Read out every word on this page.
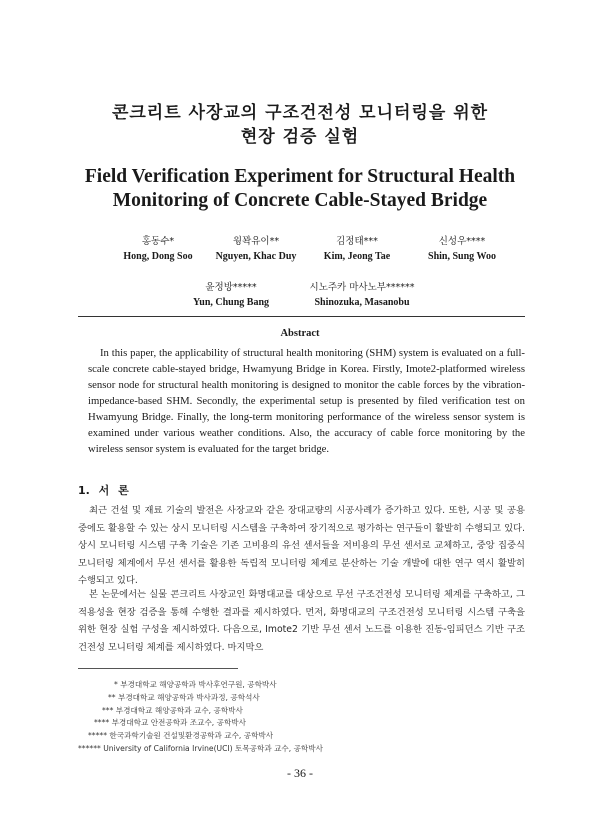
콘크리트 사장교의 구조건전성 모니터링을 위한
현장 검증 실험
Field Verification Experiment for Structural Health
Monitoring of Concrete Cable-Stayed Bridge
홍동수*
Hong, Dong Soo
윙꽉유이**
Nguyen, Khac Duy
김정태***
Kim, Jeong Tae
신성우****
Shin, Sung Woo
윤정방*****
Yun, Chung Bang
시노주카 마사노부******
Shinozuka, Masanobu
Abstract

In this paper, the applicability of structural health monitoring (SHM) system is evaluated on a full-scale concrete cable-stayed bridge, Hwamyung Bridge in Korea. Firstly, Imote2-platformed wireless sensor node for structural health monitoring is designed to monitor the cable forces by the vibration-impedance-based SHM. Secondly, the experimental setup is presented by filed verification test on Hwamyung Bridge. Finally, the long-term monitoring performance of the wireless sensor system is examined under various weather conditions. Also, the accuracy of cable force monitoring by the wireless sensor system is evaluated for the target bridge.

1. 서 론

최근 건설 및 재료 기술의 발전은 사장교와 같은 장대교량의 시공사례가 증가하고 있다. 또한, 시공 및 공용 중에도 활용할 수 있는 상시 모니터링 시스템을 구축하여 장기적으로 평가하는 연구들이 활발히 수행되고 있다. 상시 모니터링 시스템 구축 기술은 기존 고비용의 유선 센서들을 저비용의 무선 센서로 교체하고, 중앙 집중식 모니터링 체계에서 무선 센서를 활용한 독립적 모니터링 체계로 분산하는 기술 개발에 대한 연구 역시 활발히 수행되고 있다.

본 논문에서는 실물 콘크리트 사장교인 화명대교를 대상으로 무선 구조건전성 모니터링 체계를 구축하고, 그 적용성을 현장 검증을 통해 수행한 결과를 제시하였다. 먼저, 화명대교의 구조건전성 모니터링 시스템 구축을 위한 현장 실험 구성을 제시하였다. 다음으로, Imote2 기반 무선 센서 노드를 이용한 진동-임피던스 기반 구조건전성 모니터링 체계를 제시하였다. 마지막으

* 부경대학교 해양공학과 박사후연구원, 공학박사
** 부경대학교 해양공학과 박사과정, 공학석사
*** 부경대학교 해양공학과 교수, 공학박사
**** 부경대학교 안전공학과 조교수, 공학박사
***** 한국과학기술원 건설및환경공학과 교수, 공학박사
****** University of California Irvine(UCI) 토목공학과 교수, 공학박사
- 36 -
